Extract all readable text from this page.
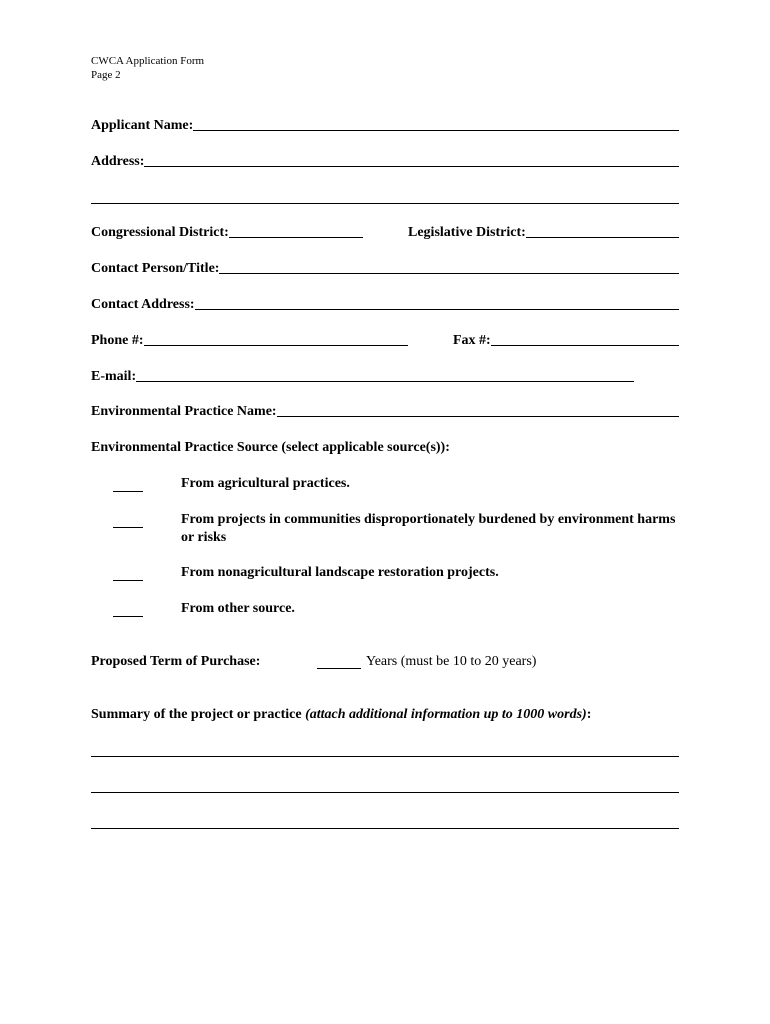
CWCA Application Form
Page 2
Applicant Name:
Address:
Congressional District:	Legislative District:
Contact Person/Title:
Contact Address:
Phone #:	Fax #:
E-mail:
Environmental Practice Name:
Environmental Practice Source (select applicable source(s)):
From agricultural practices.
From projects in communities disproportionately burdened by environment harms or risks
From nonagricultural landscape restoration projects.
From other source.
Proposed Term of Purchase:	Years (must be 10 to 20 years)
Summary of the project or practice (attach additional information up to 1000 words):
